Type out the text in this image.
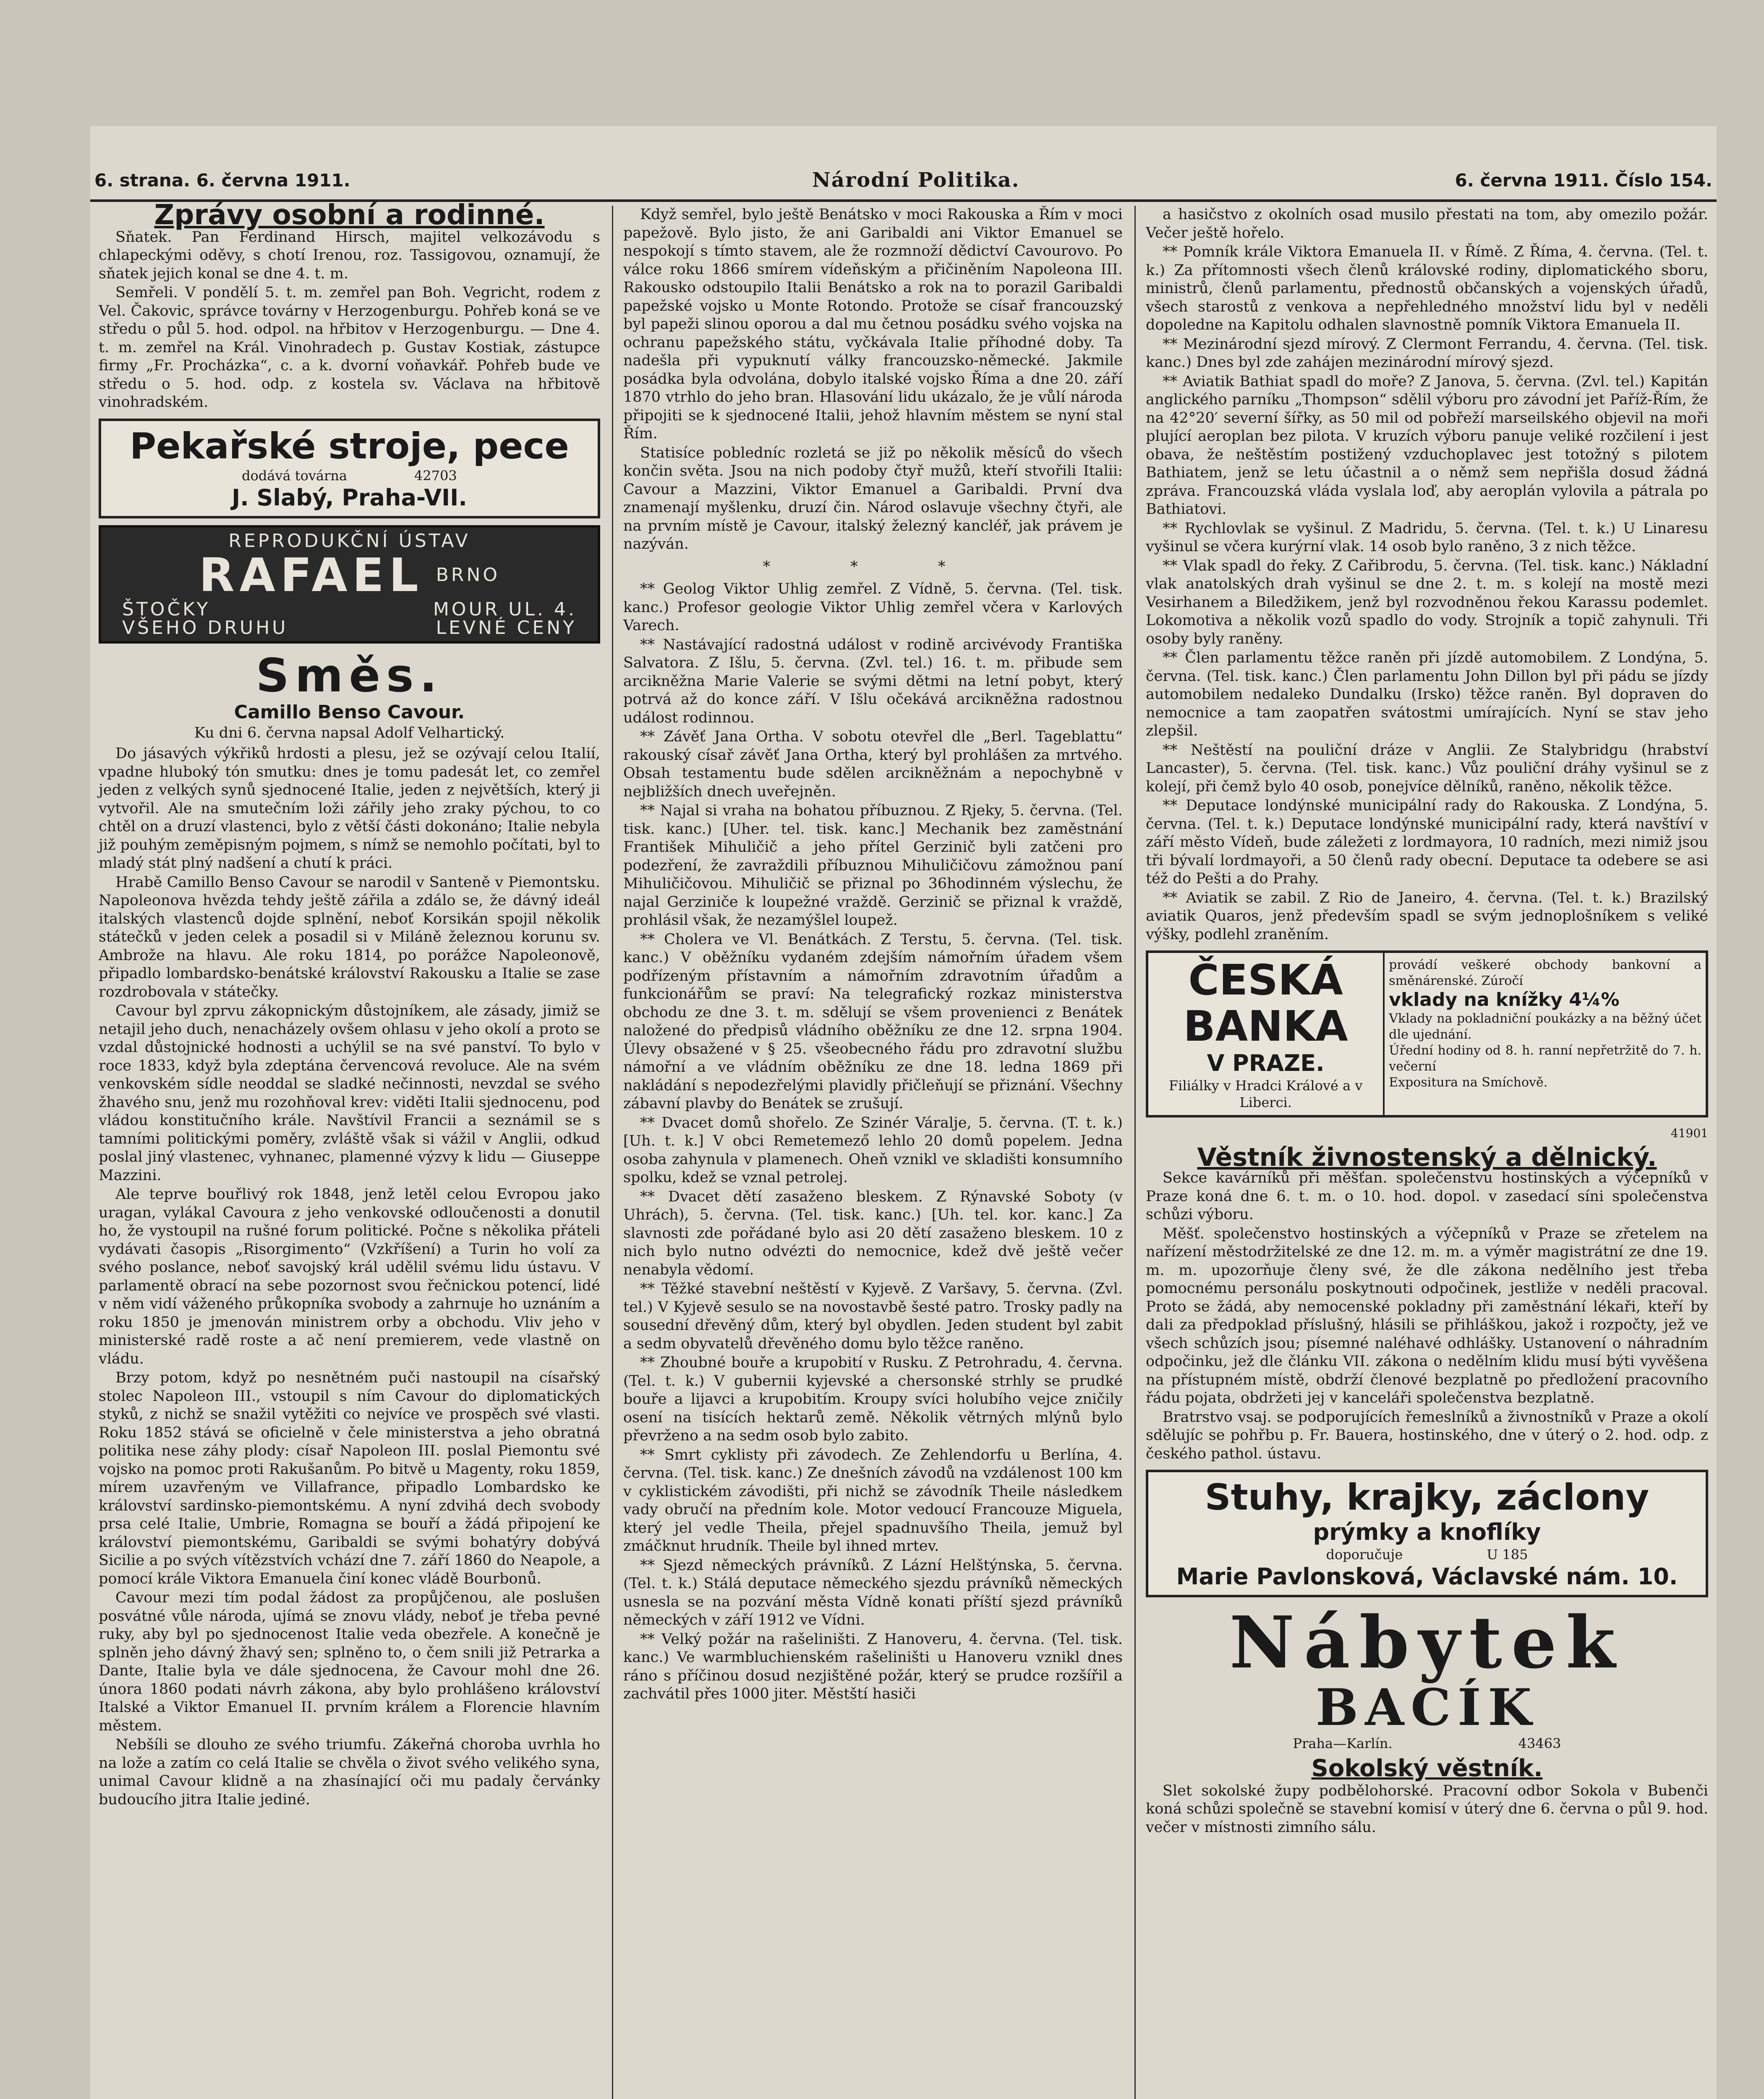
6. strana. 6. června 1911.	Národní Politika.	6. června 1911. Číslo 154.
Zprávy osobní a rodinné.

Sňatek. Pan Ferdinand Hirsch, majitel velkozávodu s chlapeckými oděvy, s chotí Irenou, roz. Tassigovou, oznamují, že sňatek jejich konal se dne 4. t. m.

Semřeli. V pondělí 5. t. m. zemřel pan Boh. Vegricht, rodem z Vel. Čakovic, správce továrny v Herzogenburgu. Pohřeb koná se ve středu o půl 5. hod. odpol. na hřbitov v Herzogenburgu. — Dne 4. t. m. zemřel na Král. Vinohradech p. Gustav Kostiak, zástupce firmy „Fr. Procházka“, c. a k. dvorní voňavkář. Pohřeb bude ve středu o 5. hod. odp. z kostela sv. Václava na hřbitově vinohradském.

Pekařské stroje, pece
dodává továrna	42703
J. Slabý, Praha-VII.
REPRODUKČNÍ ÚSTAV
RAFAEL BRNO
ŠTOČKY	MOUR UL. 4.
VŠEHO DRUHU	LEVNÉ CENY
Směs.
Camillo Benso Cavour.

Ku dni 6. června napsal Adolf Velhartický.

Do jásavých výkřiků hrdosti a plesu, jež se ozývají celou Italií, vpadne hluboký tón smutku: dnes je tomu padesát let, co zemřel jeden z velkých synů sjednocené Italie, jeden z největších, který ji vytvořil. Ale na smutečním loži zářily jeho zraky pýchou, to co chtěl on a druzí vlastenci, bylo z větší části dokonáno; Italie nebyla již pouhým zeměpisným pojmem, s nímž se nemohlo počítati, byl to mladý stát plný nadšení a chutí k práci.

Hrabě Camillo Benso Cavour se narodil v Santeně v Piemontsku. Napoleonova hvězda tehdy ještě zářila a zdálo se, že dávný ideál italských vlastenců dojde splnění, neboť Korsikán spojil několik státečků v jeden celek a posadil si v Miláně železnou korunu sv. Ambrože na hlavu. Ale roku 1814, po porážce Napoleonově, připadlo lombardsko-benátské království Rakousku a Italie se zase rozdrobovala v státečky.

Cavour byl zprvu zákopnickým důstojníkem, ale zásady, jimiž se netajil jeho duch, nenacházely ovšem ohlasu v jeho okolí a proto se vzdal důstojnické hodnosti a uchýlil se na své panství. To bylo v roce 1833, když byla zdeptána červencová revoluce. Ale na svém venkovském sídle neoddal se sladké nečinnosti, nevzdal se svého žhavého snu, jenž mu rozohňoval krev: viděti Italii sjednocenu, pod vládou konstitučního krále. Navštívil Francii a seznámil se s tamními politickými poměry, zvláště však si vážil v Anglii, odkud poslal jiný vlastenec, vyhnanec, plamenné výzvy k lidu — Giuseppe Mazzini.

Ale teprve bouřlivý rok 1848, jenž letěl celou Evropou jako uragan, vylákal Cavoura z jeho venkovské odloučenosti a donutil ho, že vystoupil na rušné forum politické. Počne s několika přáteli vydávati časopis „Risorgimento“ (Vzkříšení) a Turin ho volí za svého poslance, neboť savojský král udělil svému lidu ústavu. V parlamentě obrací na sebe pozornost svou řečnickou potencí, lidé v něm vidí váženého průkopníka svobody a zahrnuje ho uznáním a roku 1850 je jmenován ministrem orby a obchodu. Vliv jeho v ministerské radě roste a ač není premierem, vede vlastně on vládu.

Brzy potom, když po nesnětném puči nastoupil na císařský stolec Napoleon III., vstoupil s ním Cavour do diplomatických styků, z nichž se snažil vytěžiti co nejvíce ve prospěch své vlasti. Roku 1852 stává se oficielně v čele ministerstva a jeho obratná politika nese záhy plody: císař Napoleon III. poslal Piemontu své vojsko na pomoc proti Rakušanům. Po bitvě u Magenty, roku 1859, mírem uzavřeným ve Villafrance, připadlo Lombardsko ke království sardinsko-piemontskému. A nyní zdvihá dech svobody prsa celé Italie, Umbrie, Romagna se bouří a žádá připojení ke království piemontskému, Garibaldi se svými bohatýry dobývá Sicilie a po svých vítězstvích vchází dne 7. září 1860 do Neapole, a pomocí krále Viktora Emanuela činí konec vládě Bourbonů.

Cavour mezi tím podal žádost za propůjčenou, ale poslušen posvátné vůle národa, ujímá se znovu vlády, neboť je třeba pevné ruky, aby byl po sjednocenost Italie veda obezřele. A konečně je splněn jeho dávný žhavý sen; splněno to, o čem snili již Petrarka a Dante, Italie byla ve dále sjednocena, že Cavour mohl dne 26. února 1860 podati návrh zákona, aby bylo prohlášeno království Italské a Viktor Emanuel II. prvním králem a Florencie hlavním městem.

Nebšíli se dlouho ze svého triumfu. Zákeřná choroba uvrhla ho na lože a zatím co celá Italie se chvěla o život svého velikého syna, unimal Cavour klidně a na zhasínající oči mu padaly červánky budoucího jitra Italie jediné.

Když semřel, bylo ještě Benátsko v moci Rakouska a Řím v moci papežově. Bylo jisto, že ani Garibaldi ani Viktor Emanuel se nespokojí s tímto stavem, ale že rozmnoží dědictví Cavourovo. Po válce roku 1866 smírem vídeňským a přičiněním Napoleona III. Rakousko odstoupilo Italii Benátsko a rok na to porazil Garibaldi papežské vojsko u Monte Rotondo. Protože se císař francouzský byl papeži slinou oporou a dal mu četnou posádku svého vojska na ochranu papežského státu, vyčkávala Italie příhodné doby. Ta nadešla při vypuknutí války francouzsko-německé. Jakmile posádka byla odvolána, dobylo italské vojsko Říma a dne 20. září 1870 vtrhlo do jeho bran. Hlasování lidu ukázalo, že je vůlí národa připojiti se k sjednocené Italii, jehož hlavním městem se nyní stal Řím.

Statisíce pobledníc rozletá se již po několik měsíců do všech končin světa. Jsou na nich podoby čtyř mužů, kteří stvořili Italii: Cavour a Mazzini, Viktor Emanuel a Garibaldi. První dva znamenají myšlenku, druzí čin. Národ oslavuje všechny čtyři, ale na prvním místě je Cavour, italský železný kancléř, jak právem je nazýván.

* * *

** Geolog Viktor Uhlig zemřel. Z Vídně, 5. června. (Tel. tisk. kanc.) Profesor geologie Viktor Uhlig zemřel včera v Karlových Varech.

** Nastávající radostná událost v rodině arcivévody Františka Salvatora. Z Išlu, 5. června. (Zvl. tel.) 16. t. m. přibude sem arcikněžna Marie Valerie se svými dětmi na letní pobyt, který potrvá až do konce září. V Išlu očekává arcikněžna radostnou událost rodinnou.

** Závěť Jana Ortha. V sobotu otevřel dle „Berl. Tageblattu“ rakouský císař závěť Jana Ortha, který byl prohlášen za mrtvého. Obsah testamentu bude sdělen arcikněžnám a nepochybně v nejbližších dnech uveřejněn.

** Najal si vraha na bohatou příbuznou. Z Rjeky, 5. června. (Tel. tisk. kanc.) [Uher. tel. tisk. kanc.] Mechanik bez zaměstnání František Mihuličič a jeho přítel Gerzinič byli zatčeni pro podezření, že zavraždili příbuznou Mihuličičovu zámožnou paní Mihuličičovou. Mihuličič se přiznal po 36hodinném výslechu, že najal Gerziniče k loupežné vraždě. Gerzinič se přiznal k vraždě, prohlásil však, že nezamýšlel loupež.

** Cholera ve Vl. Benátkách. Z Terstu, 5. června. (Tel. tisk. kanc.) V oběžníku vydaném zdejším námořním úřadem všem podřízeným přístavním a námořním zdravotním úřadům a funkcionářům se praví: Na telegrafický rozkaz ministerstva obchodu ze dne 3. t. m. sdělují se všem provenienci z Benátek naložené do předpisů vládního oběžníku ze dne 12. srpna 1904. Úlevy obsažené v § 25. všeobecného řádu pro zdravotní službu námořní a ve vládním oběžníku ze dne 18. ledna 1869 při nakládání s nepodezřelými plavidly přičleňují se přiznání. Všechny zábavní plavby do Benátek se zrušují.

** Dvacet domů shořelo. Ze Szinér Váralje, 5. června. (T. t. k.) [Uh. t. k.] V obci Remetemező lehlo 20 domů popelem. Jedna osoba zahynula v plamenech. Oheň vznikl ve skladišti konsumního spolku, kdež se vznal petrolej.

** Dvacet dětí zasaženo bleskem. Z Rýnavské Soboty (v Uhrách), 5. června. (Tel. tisk. kanc.) [Uh. tel. kor. kanc.] Za slavnosti zde pořádané bylo asi 20 dětí zasaženo bleskem. 10 z nich bylo nutno odvézti do nemocnice, kdež dvě ještě večer nenabyla vědomí.

** Těžké stavební neštěstí v Kyjevě. Z Varšavy, 5. června. (Zvl. tel.) V Kyjevě sesulo se na novostavbě šesté patro. Trosky padly na sousední dřevěný dům, který byl obydlen. Jeden student byl zabit a sedm obyvatelů dřevěného domu bylo těžce raněno.

** Zhoubné bouře a krupobití v Rusku. Z Petrohradu, 4. června. (Tel. t. k.) V gubernii kyjevské a chersonské strhly se prudké bouře a lijavci a krupobitím. Kroupy svíci holubího vejce zničily osení na tisících hektarů země. Několik větrných mlýnů bylo převrženo a na sedm osob bylo zabito.

** Smrt cyklisty při závodech. Ze Zehlendorfu u Berlína, 4. června. (Tel. tisk. kanc.) Ze dnešních závodů na vzdálenost 100 km v cyklistickém závodišti, při nichž se závodník Theile následkem vady obručí na předním kole. Motor vedoucí Francouze Miguela, který jel vedle Theila, přejel spadnuvšího Theila, jemuž byl zmáčknut hrudník. Theile byl ihned mrtev.

** Sjezd německých právníků. Z Lázní Helštýnska, 5. června. (Tel. t. k.) Stálá deputace německého sjezdu právníků německých usnesla se na pozvání města Vídně konati příští sjezd právníků německých v září 1912 ve Vídni.

** Velký požár na rašeliništi. Z Hanoveru, 4. června. (Tel. tisk. kanc.) Ve warmbluchienském rašeliništi u Hanoveru vznikl dnes ráno s příčinou dosud nezjištěné požár, který se prudce rozšířil a zachvátil přes 1000 jiter. Městští hasiči

a hasičstvo z okolních osad musilo přestati na tom, aby omezilo požár. Večer ještě hořelo.

** Pomník krále Viktora Emanuela II. v Římě. Z Říma, 4. června. (Tel. t. k.) Za přítomnosti všech členů královské rodiny, diplomatického sboru, ministrů, členů parlamentu, přednostů občanských a vojenských úřadů, všech starostů z venkova a nepřehledného množství lidu byl v neděli dopoledne na Kapitolu odhalen slavnostně pomník Viktora Emanuela II.

** Mezinárodní sjezd mírový. Z Clermont Ferrandu, 4. června. (Tel. tisk. kanc.) Dnes byl zde zahájen mezinárodní mírový sjezd.

** Aviatik Bathiat spadl do moře? Z Janova, 5. června. (Zvl. tel.) Kapitán anglického parníku „Thompson“ sdělil výboru pro závodní jet Paříž-Řím, že na 42°20′ severní šířky, as 50 mil od pobřeží marseilského objevil na moři plující aeroplan bez pilota. V kruzích výboru panuje veliké rozčilení i jest obava, že neštěstím postižený vzduchoplavec jest totožný s pilotem Bathiatem, jenž se letu účastnil a o němž sem nepřišla dosud žádná zpráva. Francouzská vláda vyslala loď, aby aeroplán vylovila a pátrala po Bathiatovi.

** Rychlovlak se vyšinul. Z Madridu, 5. června. (Tel. t. k.) U Linaresu vyšinul se včera kurýrní vlak. 14 osob bylo raněno, 3 z nich těžce.

** Vlak spadl do řeky. Z Cařibrodu, 5. června. (Tel. tisk. kanc.) Nákladní vlak anatolských drah vyšinul se dne 2. t. m. s kolejí na mostě mezi Vesirhanem a Biledžikem, jenž byl rozvodněnou řekou Karassu podemlet. Lokomotiva a několik vozů spadlo do vody. Strojník a topič zahynuli. Tři osoby byly raněny.

** Člen parlamentu těžce raněn při jízdě automobilem. Z Londýna, 5. června. (Tel. tisk. kanc.) Člen parlamentu John Dillon byl při pádu se jízdy automobilem nedaleko Dundalku (Irsko) těžce raněn. Byl dopraven do nemocnice a tam zaopatřen svátostmi umírajících. Nyní se stav jeho zlepšil.

** Neštěstí na pouliční dráze v Anglii. Ze Stalybridgu (hrabství Lancaster), 5. června. (Tel. tisk. kanc.) Vůz pouliční dráhy vyšinul se z kolejí, při čemž bylo 40 osob, ponejvíce dělníků, raněno, několik těžce.

** Deputace londýnské municipální rady do Rakouska. Z Londýna, 5. června. (Tel. t. k.) Deputace londýnské municipální rady, která navštíví v září město Vídeň, bude záležeti z lordmayora, 10 radních, mezi nimiž jsou tři bývalí lordmayoři, a 50 členů rady obecní. Deputace ta odebere se asi též do Pešti a do Prahy.

** Aviatik se zabil. Z Rio de Janeiro, 4. června. (Tel. t. k.) Brazilský aviatik Quaros, jenž především spadl se svým jednoplošníkem s veliké výšky, podlehl zraněním.

ČESKÁ
BANKA
V PRAZE.
Filiálky v Hradci Králové a v Liberci.
provádí veškeré obchody bankovní a směnárenské. Zúročí
vklady na knížky 4¼%
Vklady na pokladniční poukázky a na běžný účet dle ujednání.
Úřední hodiny od 8. h. ranní nepřetržitě do 7. h. večerní
Expositura na Smíchově.
41901
Věstník živnostenský a dělnický.

Sekce kavárníků při měšťan. společenstvu hostinských a výčepníků v Praze koná dne 6. t. m. o 10. hod. dopol. v zasedací síni společenstva schůzi výboru.

Měšť. společenstvo hostinských a výčepníků v Praze se zřetelem na nařízení městodržitelské ze dne 12. m. m. a výměr magistrátní ze dne 19. m. m. upozorňuje členy své, že dle zákona nedělního jest třeba pomocnému personálu poskytnouti odpočinek, jestliže v neděli pracoval. Proto se žádá, aby nemocenské pokladny při zaměstnání lékaři, kteří by dali za předpoklad příslušný, hlásili se přihláškou, jakož i rozpočty, jež ve všech schůzích jsou; písemné naléhavé odhlášky. Ustanovení o náhradním odpočinku, jež dle článku VII. zákona o nedělním klidu musí býti vyvěšena na přístupném místě, obdrží členové bezplatně po předložení pracovního řádu pojata, obdržeti jej v kanceláři společenstva bezplatně.

Bratrstvo vsaj. se podporujících řemeslníků a živnostníků v Praze a okolí sdělujíc se pohřbu p. Fr. Bauera, hostinského, dne v úterý o 2. hod. odp. z českého pathol. ústavu.

Stuhy, krajky, záclony
prýmky a knoflíky
doporučuje	U 185
Marie Pavlonsková, Václavské nám. 10.
Nábytek
BACÍK
Praha—Karlín.	43463
Sokolský věstník.

Slet sokolské župy podbělohorské. Pracovní odbor Sokola v Bubenči koná schůzi společně se stavební komisí v úterý dne 6. června o půl 9. hod. večer v místnosti zimního sálu.
